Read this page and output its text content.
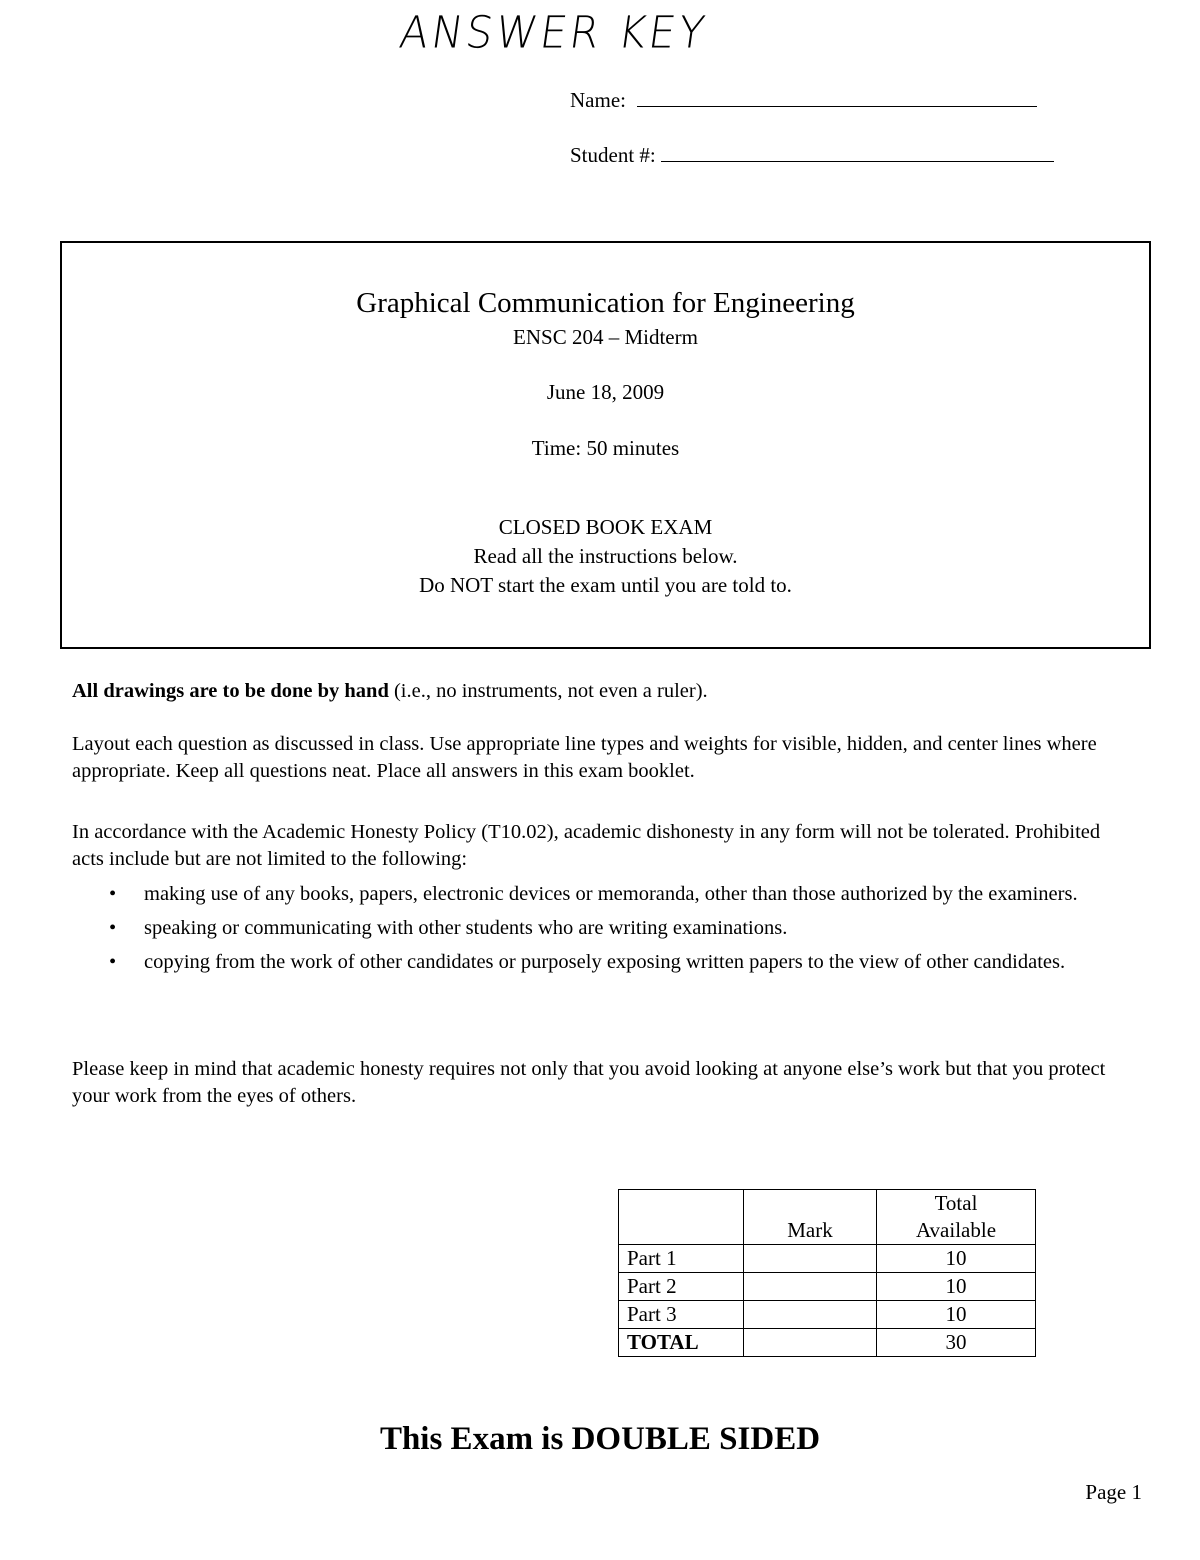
ANSWER KEY
Name:
Student #:
Graphical Communication for Engineering
ENSC 204 – Midterm
June 18, 2009
Time: 50 minutes
CLOSED BOOK EXAM
Read all the instructions below.
Do NOT start the exam until you are told to.
All drawings are to be done by hand (i.e., no instruments, not even a ruler).
Layout each question as discussed in class. Use appropriate line types and weights for visible, hidden, and center lines where appropriate. Keep all questions neat. Place all answers in this exam booklet.
In accordance with the Academic Honesty Policy (T10.02), academic dishonesty in any form will not be tolerated. Prohibited acts include but are not limited to the following:
• making use of any books, papers, electronic devices or memoranda, other than those authorized by the examiners.
• speaking or communicating with other students who are writing examinations.
• copying from the work of other candidates or purposely exposing written papers to the view of other candidates.
Please keep in mind that academic honesty requires not only that you avoid looking at anyone else’s work but that you protect your work from the eyes of others.
	Mark	Total
Available

Part 1		10
Part 2		10
Part 3		10
TOTAL		30
This Exam is DOUBLE SIDED
Page 1
